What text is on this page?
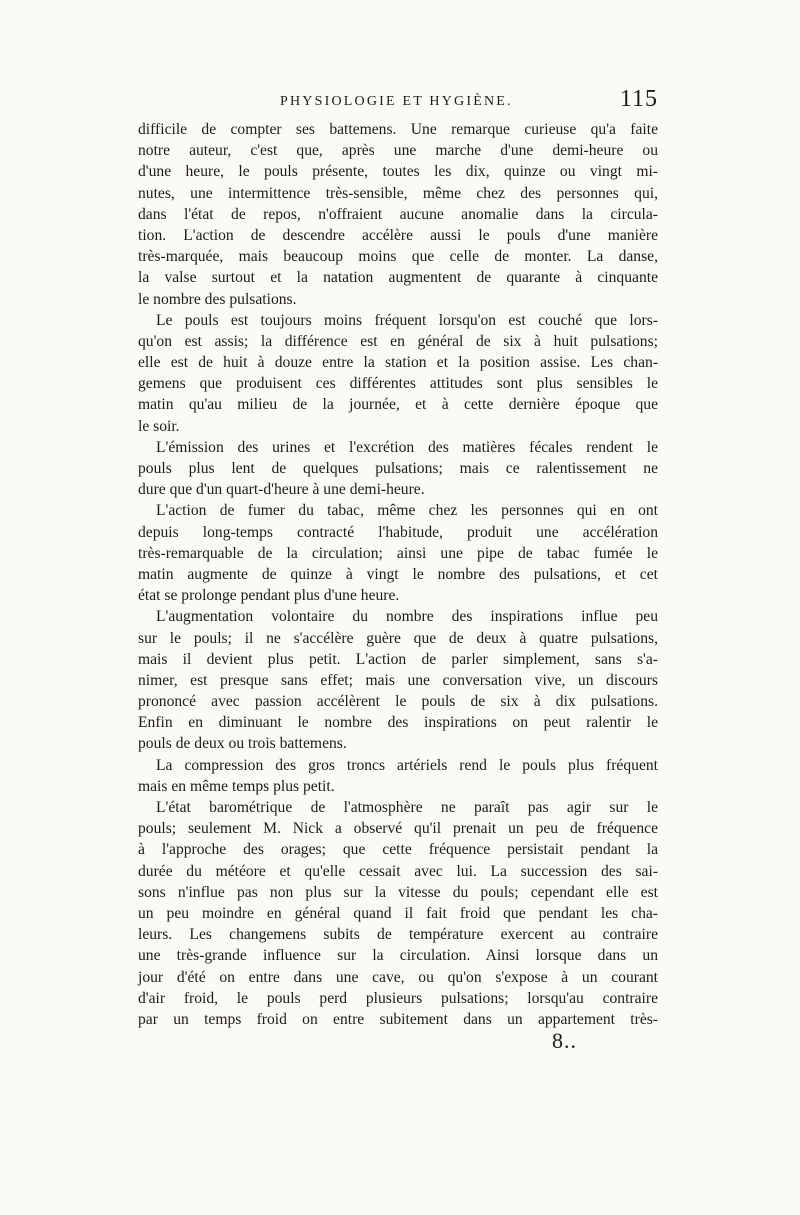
PHYSIOLOGIE ET HYGIÈNE.	115
difficile de compter ses battemens. Une remarque curieuse qu'a faite
notre auteur, c'est que, après une marche d'une demi-heure ou
d'une heure, le pouls présente, toutes les dix, quinze ou vingt mi-
nutes, une intermittence très-sensible, même chez des personnes qui,
dans l'état de repos, n'offraient aucune anomalie dans la circula-
tion. L'action de descendre accélère aussi le pouls d'une manière
très-marquée, mais beaucoup moins que celle de monter. La danse,
la valse surtout et la natation augmentent de quarante à cinquante
le nombre des pulsations.
Le pouls est toujours moins fréquent lorsqu'on est couché que lors-
qu'on est assis; la différence est en général de six à huit pulsations;
elle est de huit à douze entre la station et la position assise. Les chan-
gemens que produisent ces différentes attitudes sont plus sensibles le
matin qu'au milieu de la journée, et à cette dernière époque que
le soir.
L'émission des urines et l'excrétion des matières fécales rendent le
pouls plus lent de quelques pulsations; mais ce ralentissement ne
dure que d'un quart-d'heure à une demi-heure.
L'action de fumer du tabac, même chez les personnes qui en ont
depuis long-temps contracté l'habitude, produit une accélération
très-remarquable de la circulation; ainsi une pipe de tabac fumée le
matin augmente de quinze à vingt le nombre des pulsations, et cet
état se prolonge pendant plus d'une heure.
L'augmentation volontaire du nombre des inspirations influe peu
sur le pouls; il ne s'accélère guère que de deux à quatre pulsations,
mais il devient plus petit. L'action de parler simplement, sans s'a-
nimer, est presque sans effet; mais une conversation vive, un discours
prononcé avec passion accélèrent le pouls de six à dix pulsations.
Enfin en diminuant le nombre des inspirations on peut ralentir le
pouls de deux ou trois battemens.
La compression des gros troncs artériels rend le pouls plus fréquent
mais en même temps plus petit.
L'état barométrique de l'atmosphère ne paraît pas agir sur le
pouls; seulement M. Nick a observé qu'il prenait un peu de fréquence
à l'approche des orages; que cette fréquence persistait pendant la
durée du météore et qu'elle cessait avec lui. La succession des sai-
sons n'influe pas non plus sur la vitesse du pouls; cependant elle est
un peu moindre en général quand il fait froid que pendant les cha-
leurs. Les changemens subits de température exercent au contraire
une très-grande influence sur la circulation. Ainsi lorsque dans un
jour d'été on entre dans une cave, ou qu'on s'expose à un courant
d'air froid, le pouls perd plusieurs pulsations; lorsqu'au contraire
par un temps froid on entre subitement dans un appartement très-
8..
